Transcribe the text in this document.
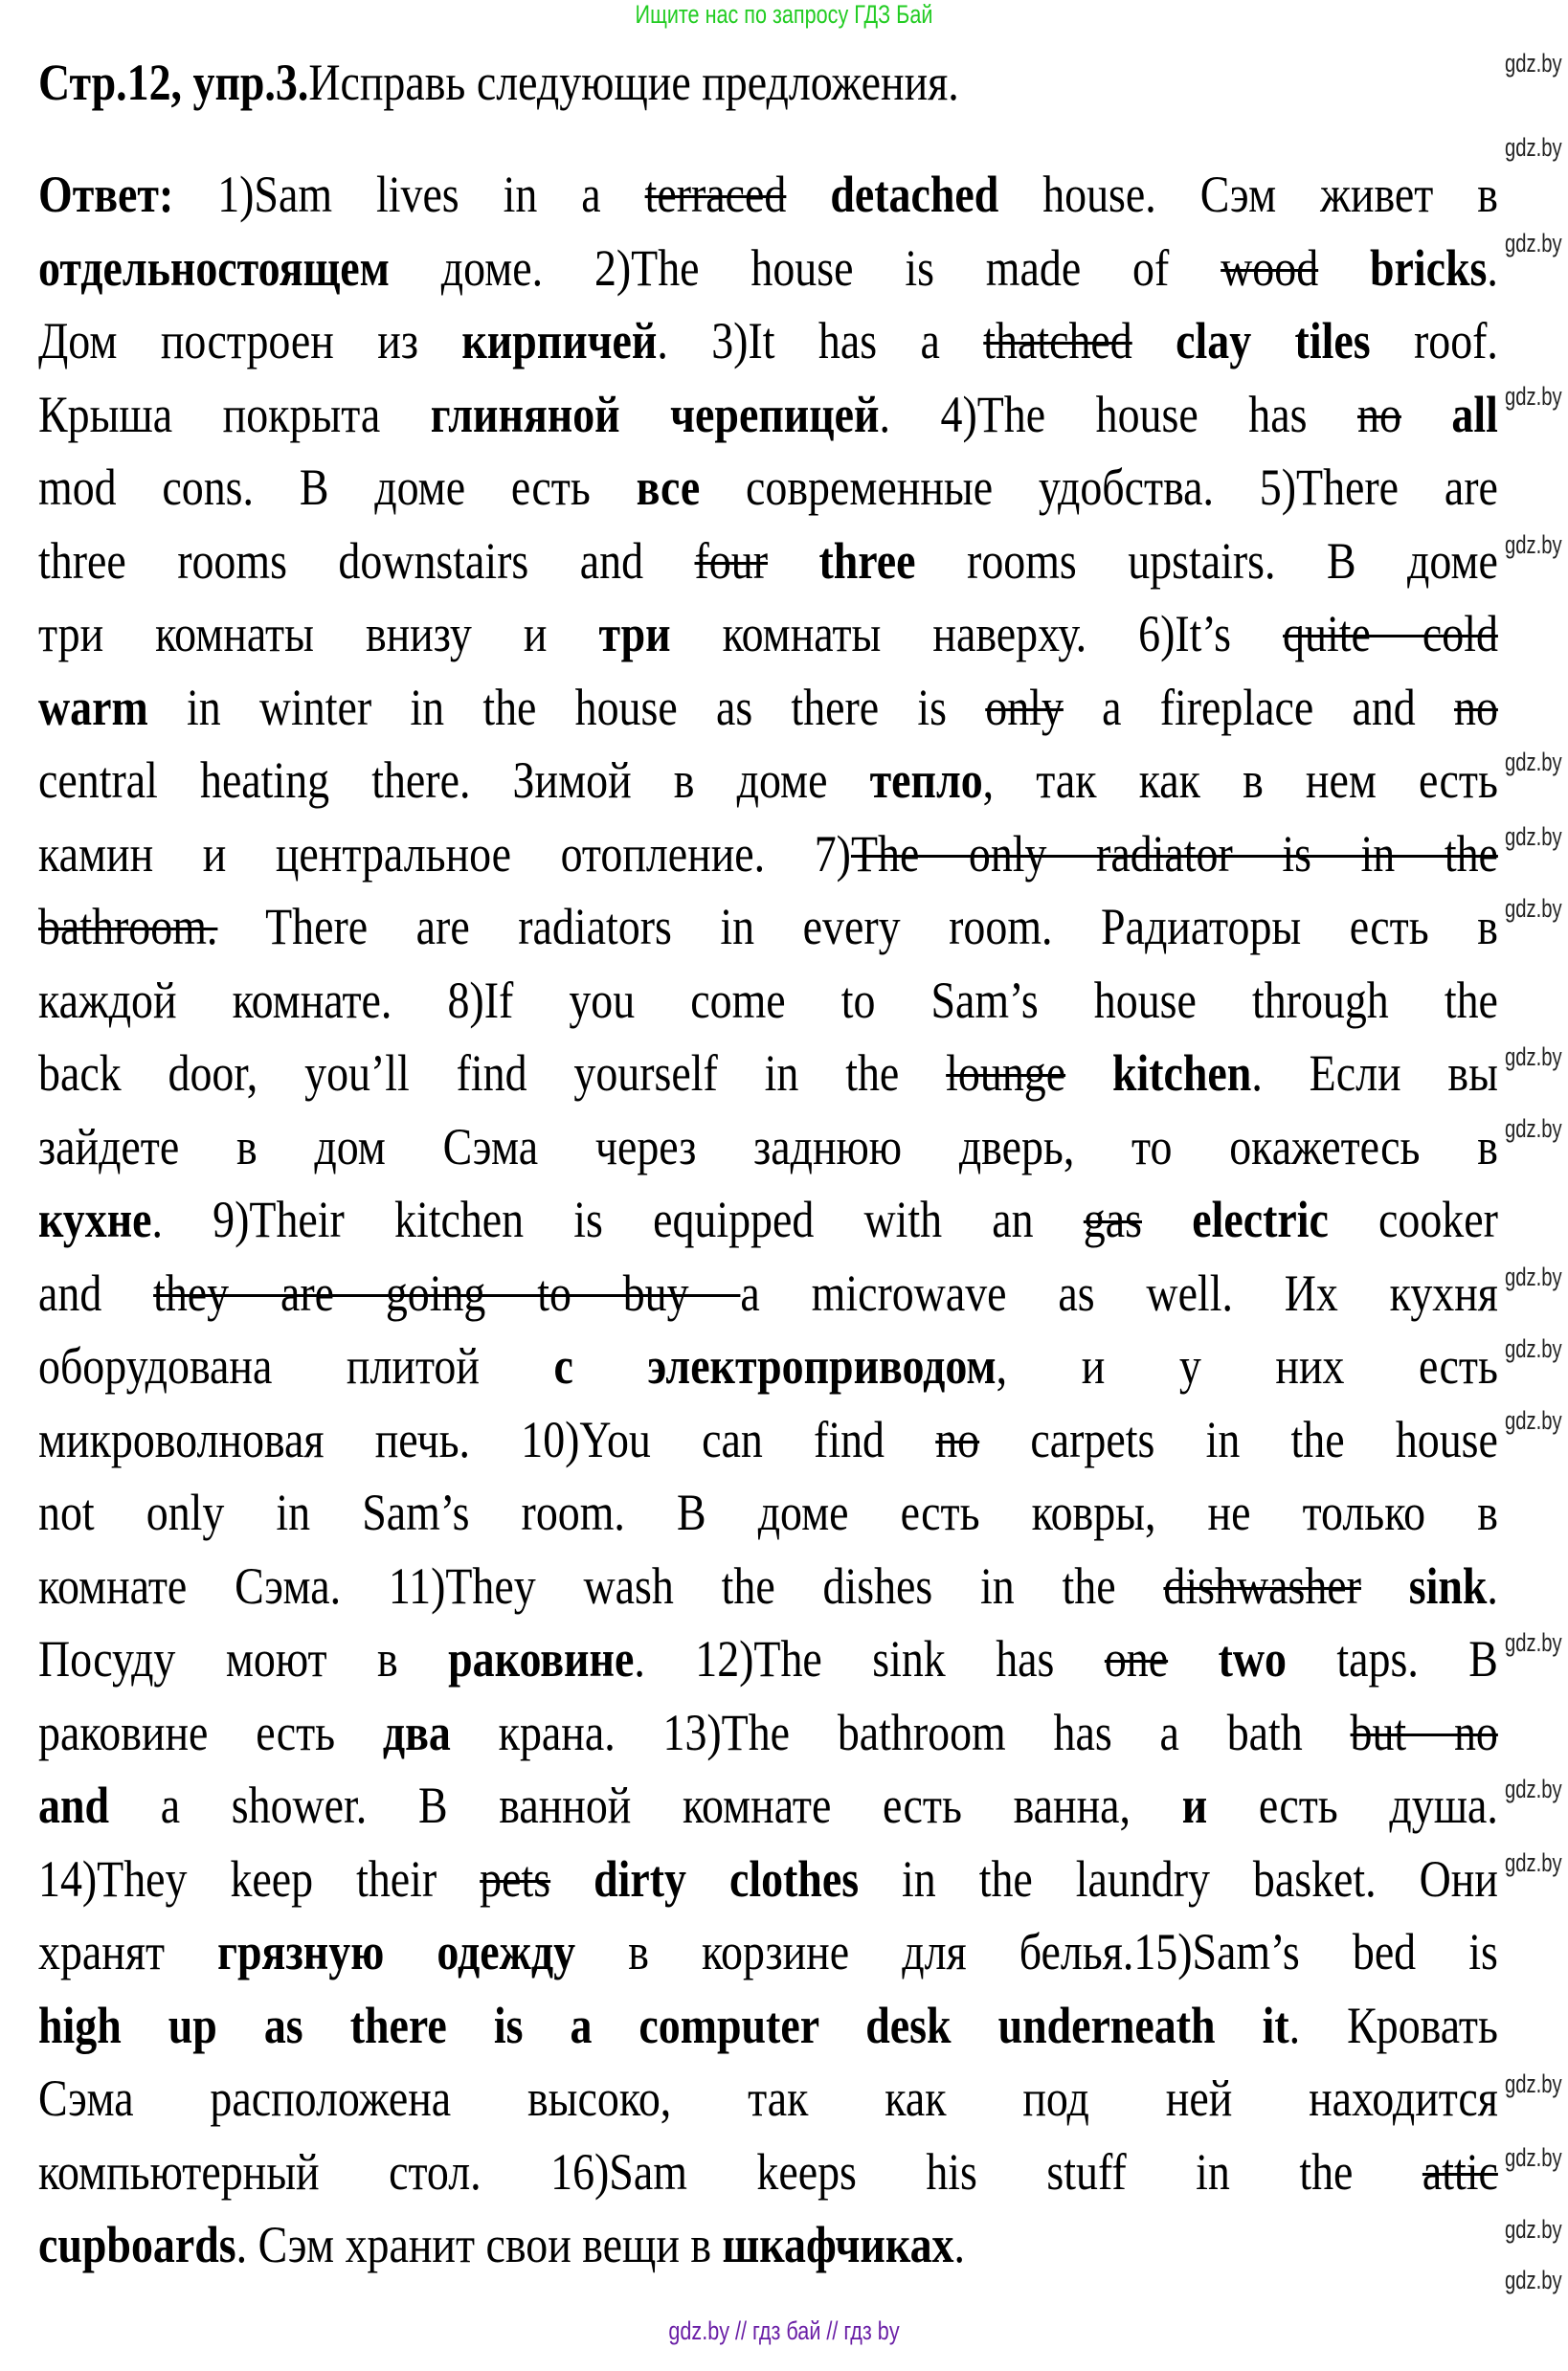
Ищите нас по запросу ГДЗ Бай
Стр.12, упр.3.Исправь следующие предложения.
Ответ: 1)Sam lives in a terraced detached house. Сэм живет в
отдельностоящем доме. 2)The house is made of wood bricks.
Дом построен из кирпичей. 3)It has a thatched clay tiles roof.
Крыша покрыта глиняной черепицей. 4)The house has no all
mod cons. В доме есть все современные удобства. 5)There are
three rooms downstairs and four three rooms upstairs. В доме
три комнаты внизу и три комнаты наверху. 6)It’s quite cold
warm in winter in the house as there is only a fireplace and no
central heating there. Зимой в доме тепло, так как в нем есть
камин и центральное отопление. 7)The only radiator is in the
bathroom. There are radiators in every room. Радиаторы есть в
каждой комнате. 8)If you come to Sam’s house through the
back door, you’ll find yourself in the lounge kitchen. Если вы
зайдете в дом Сэма через заднюю дверь, то окажетесь в
кухне. 9)Their kitchen is equipped with an gas electric cooker
and they are going to buy a microwave as well. Их кухня
оборудована плитой с электроприводом, и у них есть
микроволновая печь. 10)You can find no carpets in the house
not only in Sam’s room. В доме есть ковры, не только в
комнате Сэма. 11)They wash the dishes in the dishwasher sink.
Посуду моют в раковине. 12)The sink has one two taps. В
раковине есть два крана. 13)The bathroom has a bath but no
and a shower. В ванной комнате есть ванна, и есть душа.
14)They keep their pets dirty clothes in the laundry basket. Они
хранят грязную одежду в корзине для белья.15)Sam’s bed is
high up as there is a computer desk underneath it. Кровать
Сэма расположена высоко, так как под ней находится
компьютерный стол. 16)Sam keeps his stuff in the attic
cupboards. Сэм хранит свои вещи в шкафчиках.
gdz.by
gdz.by
gdz.by
gdz.by
gdz.by
gdz.by
gdz.by
gdz.by
gdz.by
gdz.by
gdz.by
gdz.by
gdz.by
gdz.by
gdz.by
gdz.by
gdz.by
gdz.by
gdz.by
gdz.by
gdz.by // гдз бай // гдз by
